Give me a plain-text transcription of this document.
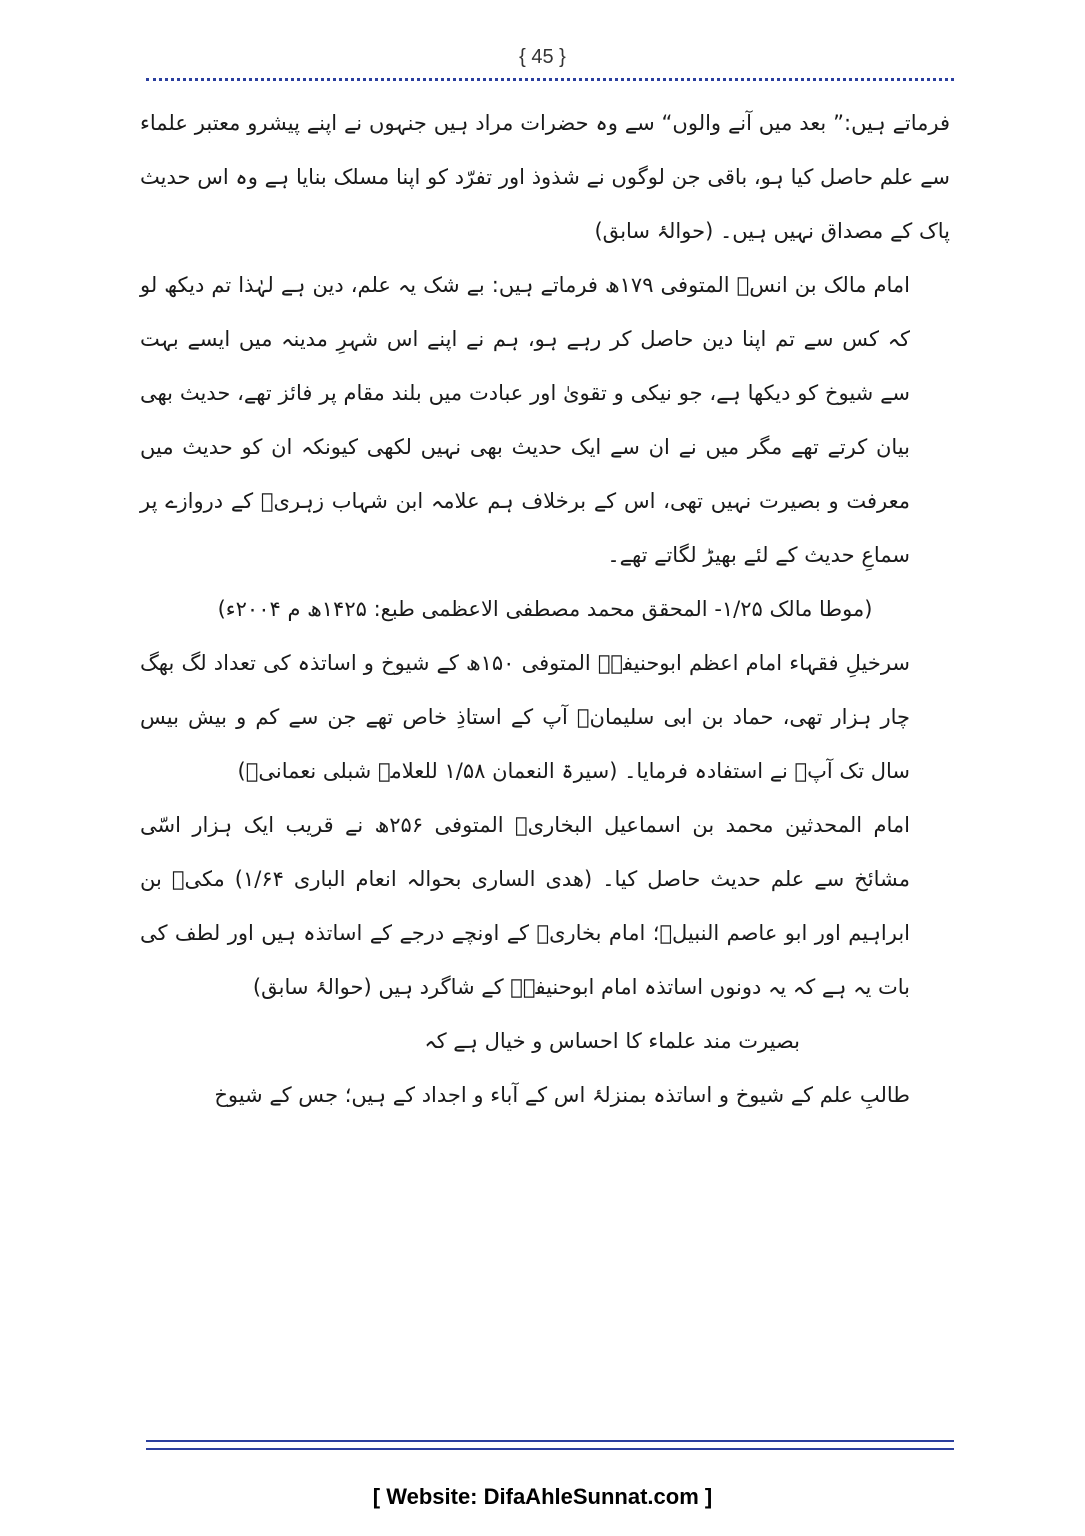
{ 45 }

فرماتے ہیں:” بعد میں آنے والوں“ سے وہ حضرات مراد ہیں جنہوں نے اپنے پیشرو معتبر علماء سے علم حاصل کیا ہو، باقی جن لوگوں نے شذوذ اور تفرّد کو اپنا مسلک بنایا ہے وہ اس حدیث پاک کے مصداق نہیں ہیں۔ (حوالۂ سابق)

امام مالک بن انسؒ المتوفی ۱۷۹ھ فرماتے ہیں: بے شک یہ علم، دین ہے لہٰذا تم دیکھ لو کہ کس سے تم اپنا دین حاصل کر رہے ہو، ہم نے اپنے اس شہرِ مدینہ میں ایسے بہت سے شیوخ کو دیکھا ہے، جو نیکی و تقویٰ اور عبادت میں بلند مقام پر فائز تھے، حدیث بھی بیان کرتے تھے مگر میں نے ان سے ایک حدیث بھی نہیں لکھی کیونکہ ان کو حدیث میں معرفت و بصیرت نہیں تھی، اس کے برخلاف ہم علامہ ابن شہاب زہریؒ کے دروازے پر سماعِ حدیث کے لئے بھیڑ لگاتے تھے۔

(موطا مالک ۱/۲۵- المحقق محمد مصطفی الاعظمی طبع: ۱۴۲۵ھ م ۲۰۰۴ء)

سرخیلِ فقہاء امام اعظم ابوحنیفہؒ المتوفی ۱۵۰ھ کے شیوخ و اساتذہ کی تعداد لگ بھگ چار ہزار تھی، حماد بن ابی سلیمانؒ آپ کے استاذِ خاص تھے جن سے کم و بیش بیس سال تک آپؒ نے استفادہ فرمایا۔ (سیرۃ النعمان ۱/۵۸ للعلامہ شبلی نعمانیؒ)

امام المحدثین محمد بن اسماعیل البخاریؒ المتوفی ۲۵۶ھ نے قریب ایک ہزار اسّی مشائخ سے علم حدیث حاصل کیا۔ (ھدی الساری بحوالہ انعام الباری ۱/۶۴) مکیؒ بن ابراہیم اور ابو عاصم النبیلؒ؛ امام بخاریؒ کے اونچے درجے کے اساتذہ ہیں اور لطف کی بات یہ ہے کہ یہ دونوں اساتذہ امام ابوحنیفہؒ کے شاگرد ہیں (حوالۂ سابق)

بصیرت مند علماء کا احساس و خیال ہے کہ

طالبِ علم کے شیوخ و اساتذہ بمنزلۂ اس کے آباء و اجداد کے ہیں؛ جس کے شیوخ

[ Website: DifaAhleSunnat.com ]
